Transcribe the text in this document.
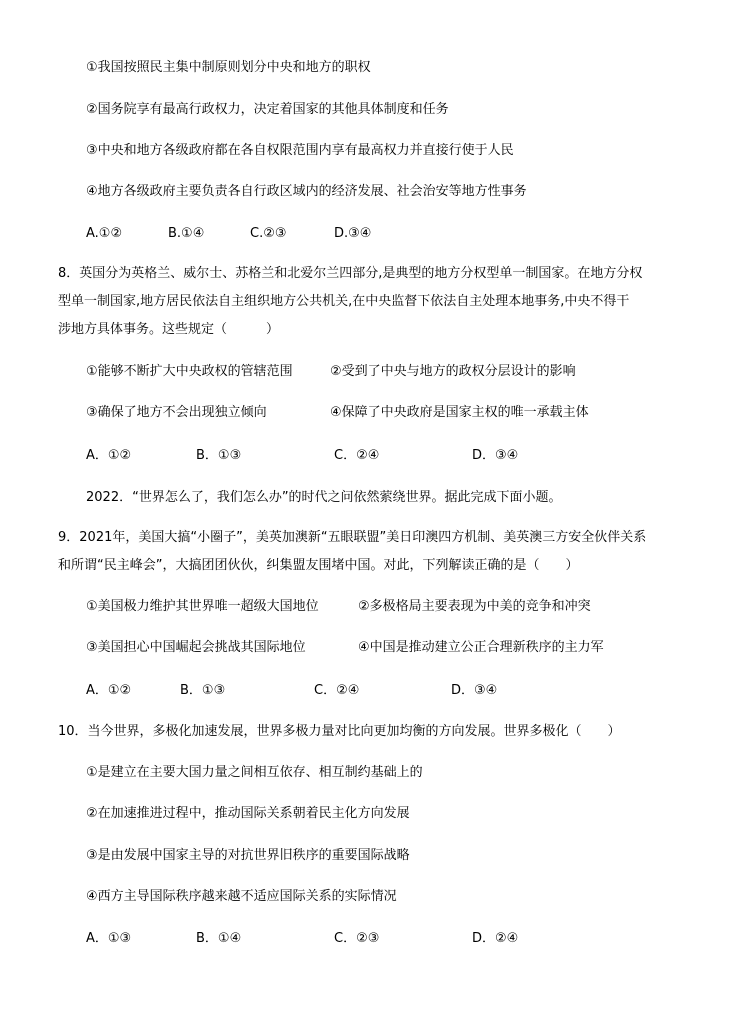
①我国按照民主集中制原则划分中央和地方的职权
②国务院享有最高行政权力，决定着国家的其他具体制度和任务
③中央和地方各级政府都在各自权限范围内享有最高权力并直接行使于人民
④地方各级政府主要负责各自行政区域内的经济发展、社会治安等地方性事务
A.①②	B.①④	C.②③	D.③④
8．英国分为英格兰、威尔士、苏格兰和北爱尔兰四部分,是典型的地方分权型单一制国家。在地方分权
型单一制国家,地方居民依法自主组织地方公共机关,在中央监督下依法自主处理本地事务,中央不得干
涉地方具体事务。这些规定（　　　）
①能够不断扩大中央政权的管辖范围	②受到了中央与地方的政权分层设计的影响
③确保了地方不会出现独立倾向	④保障了中央政府是国家主权的唯一承载主体
A．①②	B．①③	C．②④	D．③④
2022．“世界怎么了，我们怎么办”的时代之问依然萦绕世界。据此完成下面小题。
9．2021年，美国大搞“小圈子”，美英加澳新“五眼联盟”美日印澳四方机制、美英澳三方安全伙伴关系
和所谓“民主峰会”，大搞团团伙伙，纠集盟友围堵中国。对此，下列解读正确的是（　　）
①美国极力维护其世界唯一超级大国地位	②多极格局主要表现为中美的竞争和冲突
③美国担心中国崛起会挑战其国际地位	④中国是推动建立公正合理新秩序的主力军
A．①②	B．①③	C．②④	D．③④
10．当今世界，多极化加速发展，世界多极力量对比向更加均衡的方向发展。世界多极化（　　）
①是建立在主要大国力量之间相互依存、相互制约基础上的
②在加速推进过程中，推动国际关系朝着民主化方向发展
③是由发展中国家主导的对抗世界旧秩序的重要国际战略
④西方主导国际秩序越来越不适应国际关系的实际情况
A．①③	B．①④	C．②③	D．②④
